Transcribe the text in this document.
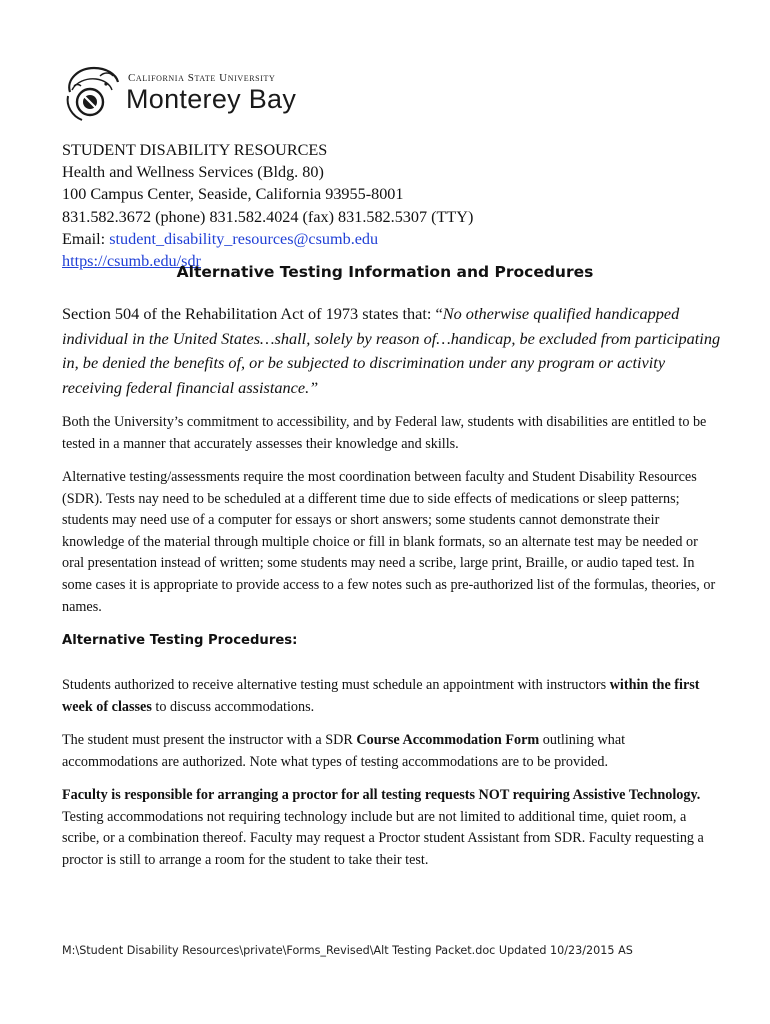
California State University
Monterey Bay
STUDENT DISABILITY RESOURCES
Health and Wellness Services (Bldg. 80)
100 Campus Center, Seaside, California 93955-8001
831.582.3672 (phone) 831.582.4024 (fax) 831.582.5307 (TTY)
Email: student_disability_resources@csumb.edu
https://csumb.edu/sdr
Alternative Testing Information and Procedures
Section 504 of the Rehabilitation Act of 1973 states that: “No otherwise qualified handicapped individual in the United States…shall, solely by reason of…handicap, be excluded from participating in, be denied the benefits of, or be subjected to discrimination under any program or activity receiving federal financial assistance.”
Both the University’s commitment to accessibility, and by Federal law, students with disabilities are entitled to be tested in a manner that accurately assesses their knowledge and skills.
Alternative testing/assessments require the most coordination between faculty and Student Disability Resources (SDR). Tests nay need to be scheduled at a different time due to side effects of medications or sleep patterns; students may need use of a computer for essays or short answers; some students cannot demonstrate their knowledge of the material through multiple choice or fill in blank formats, so an alternate test may be needed or oral presentation instead of written; some students may need a scribe, large print, Braille, or audio taped test. In some cases it is appropriate to provide access to a few notes such as pre-authorized list of the formulas, theories, or names.
Alternative Testing Procedures:
Students authorized to receive alternative testing must schedule an appointment with instructors within the first week of classes to discuss accommodations.
The student must present the instructor with a SDR Course Accommodation Form outlining what accommodations are authorized. Note what types of testing accommodations are to be provided.
Faculty is responsible for arranging a proctor for all testing requests NOT requiring Assistive Technology. Testing accommodations not requiring technology include but are not limited to additional time, quiet room, a scribe, or a combination thereof. Faculty may request a Proctor student Assistant from SDR. Faculty requesting a proctor is still to arrange a room for the student to take their test.
M:\Student Disability Resources\private\Forms_Revised\Alt Testing Packet.doc Updated 10/23/2015 AS
